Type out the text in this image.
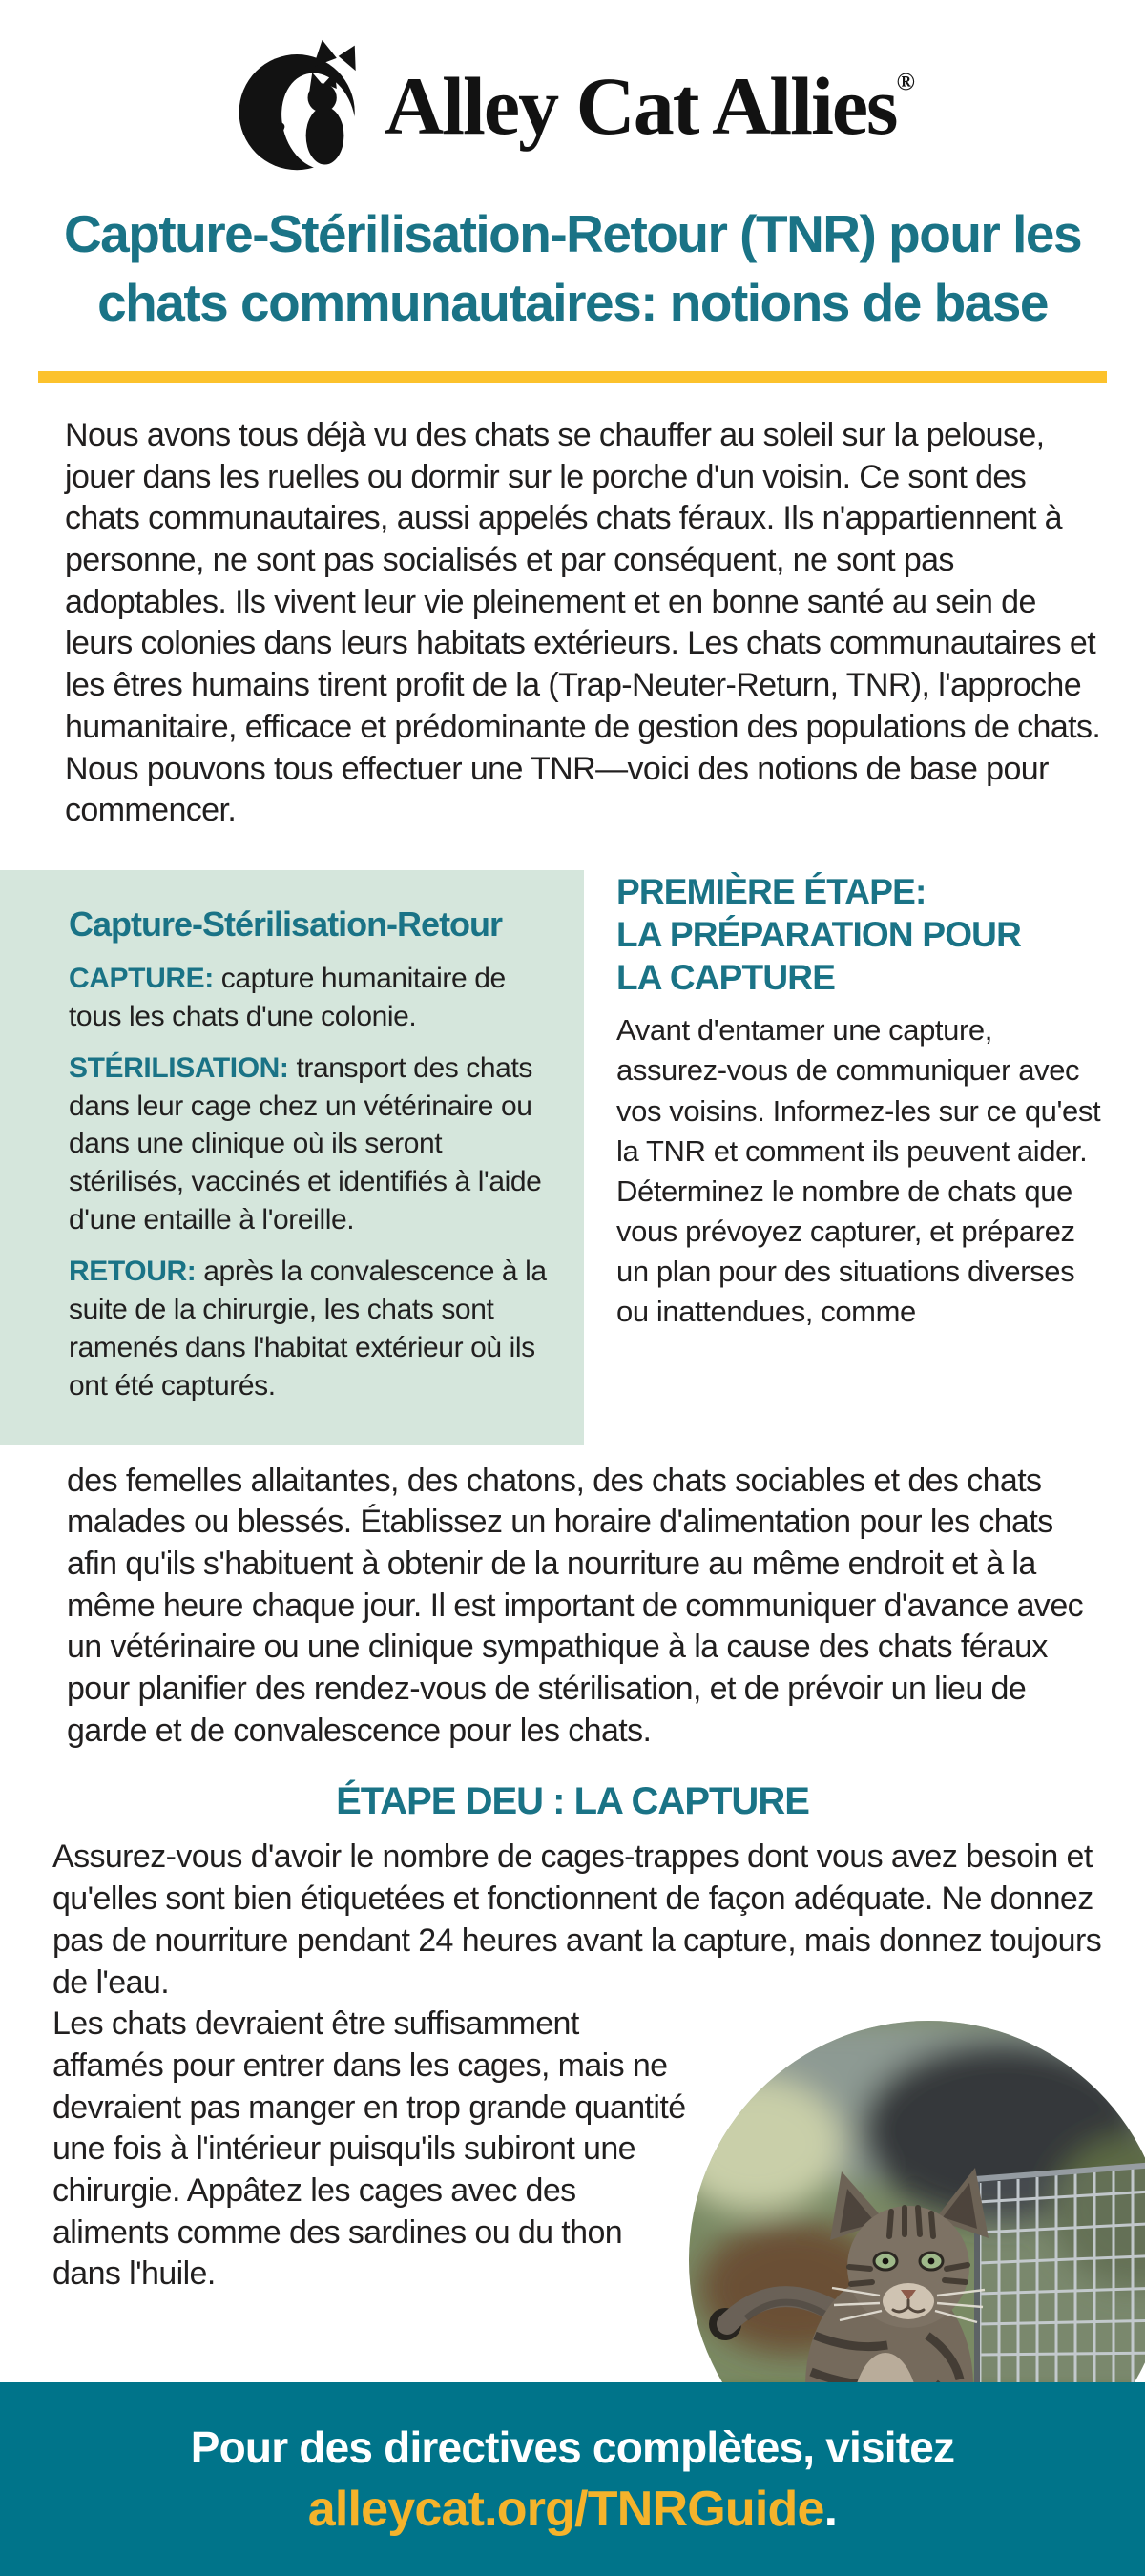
Alley Cat Allies®
Capture-Stérilisation-Retour (TNR) pour les
chats communautaires: notions de base

Nous avons tous déjà vu des chats se chauffer au soleil sur la pelouse, jouer dans les ruelles ou dormir sur le porche d'un voisin. Ce sont des chats communautaires, aussi appelés chats féraux. Ils n'appartiennent à personne, ne sont pas socialisés et par conséquent, ne sont pas adoptables. Ils vivent leur vie pleinement et en bonne santé au sein de leurs colonies dans leurs habitats extérieurs. Les chats communautaires et les êtres humains tirent profit de la (Trap-Neuter-Return, TNR), l'approche humanitaire, efficace et prédominante de gestion des populations de chats. Nous pouvons tous effectuer une TNR—voici des notions de base pour commencer.

Capture-Stérilisation-Retour

CAPTURE: capture humanitaire de tous les chats d'une colonie.

STÉRILISATION: transport des chats dans leur cage chez un vétérinaire ou dans une clinique où ils seront stérilisés, vaccinés et identifiés à l'aide d'une entaille à l'oreille.

RETOUR: après la convalescence à la suite de la chirurgie, les chats sont ramenés dans l'habitat extérieur où ils ont été capturés.

PREMIÈRE ÉTAPE:
LA PRÉPARATION POUR
LA CAPTURE

Avant d'entamer une capture, assurez-vous de communiquer avec vos voisins. Informez-les sur ce qu'est la TNR et comment ils peuvent aider. Déterminez le nombre de chats que vous prévoyez capturer, et préparez un plan pour des situations diverses ou inattendues, comme

des femelles allaitantes, des chatons, des chats sociables et des chats malades ou blessés. Établissez un horaire d'alimentation pour les chats afin qu'ils s'habituent à obtenir de la nourriture au même endroit et à la même heure chaque jour. Il est important de communiquer d'avance avec un vétérinaire ou une clinique sympathique à la cause des chats féraux pour planifier des rendez-vous de stérilisation, et de prévoir un lieu de garde et de convalescence pour les chats.

ÉTAPE DEU : LA CAPTURE

Assurez-vous d'avoir le nombre de cages-trappes dont vous avez besoin et qu'elles sont bien étiquetées et fonctionnent de façon adéquate. Ne donnez pas de nourriture pendant 24 heures avant la capture, mais donnez toujours de l'eau.

Les chats devraient être suffisamment affamés pour entrer dans les cages, mais ne devraient pas manger en trop grande quantité une fois à l'intérieur puisqu'ils subiront une chirurgie. Appâtez les cages avec des aliments comme des sardines ou du thon dans l'huile.

Pour des directives complètes, visitez
alleycat.org/TNRGuide.
